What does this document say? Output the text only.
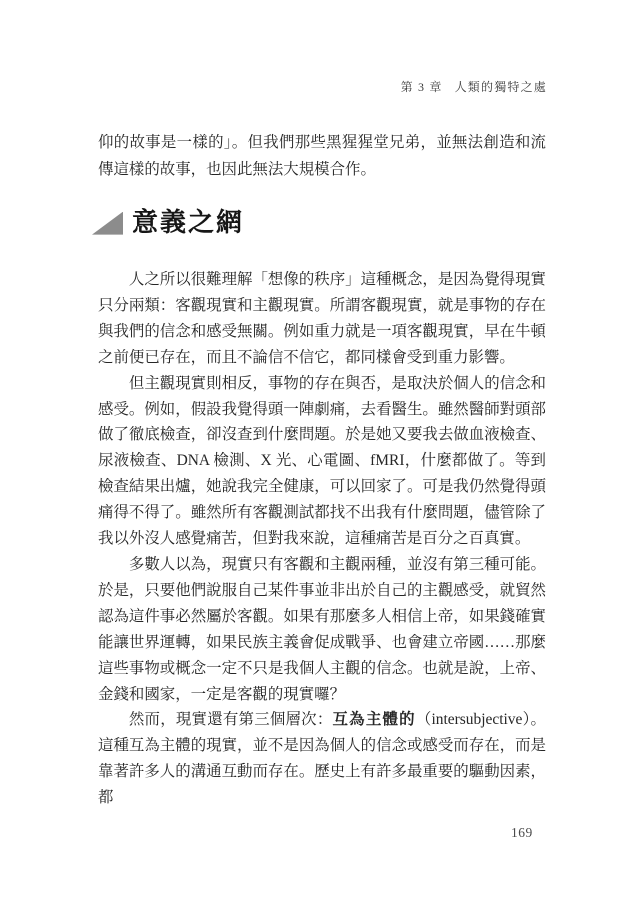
第 3 章 人類的獨特之處
仰的故事是一樣的」。但我們那些黑猩猩堂兄弟，並無法創造和流傳這樣的故事，也因此無法大規模合作。
意義之網

人之所以很難理解「想像的秩序」這種概念，是因為覺得現實只分兩類：客觀現實和主觀現實。所謂客觀現實，就是事物的存在與我們的信念和感受無關。例如重力就是一項客觀現實，早在牛頓之前便已存在，而且不論信不信它，都同樣會受到重力影響。

但主觀現實則相反，事物的存在與否，是取決於個人的信念和感受。例如，假設我覺得頭一陣劇痛，去看醫生。雖然醫師對頭部做了徹底檢查，卻沒查到什麼問題。於是她又要我去做血液檢查、尿液檢查、DNA 檢測、X 光、心電圖、fMRI，什麼都做了。等到檢查結果出爐，她說我完全健康，可以回家了。可是我仍然覺得頭痛得不得了。雖然所有客觀測試都找不出我有什麼問題，儘管除了我以外沒人感覺痛苦，但對我來說，這種痛苦是百分之百真實。

多數人以為，現實只有客觀和主觀兩種，並沒有第三種可能。於是，只要他們說服自己某件事並非出於自己的主觀感受，就貿然認為這件事必然屬於客觀。如果有那麼多人相信上帝，如果錢確實能讓世界運轉，如果民族主義會促成戰爭、也會建立帝國……那麼這些事物或概念一定不只是我個人主觀的信念。也就是說，上帝、金錢和國家，一定是客觀的現實囉？

然而，現實還有第三個層次：互為主體的（intersubjective）。這種互為主體的現實，並不是因為個人的信念或感受而存在，而是靠著許多人的溝通互動而存在。歷史上有許多最重要的驅動因素，都

169
